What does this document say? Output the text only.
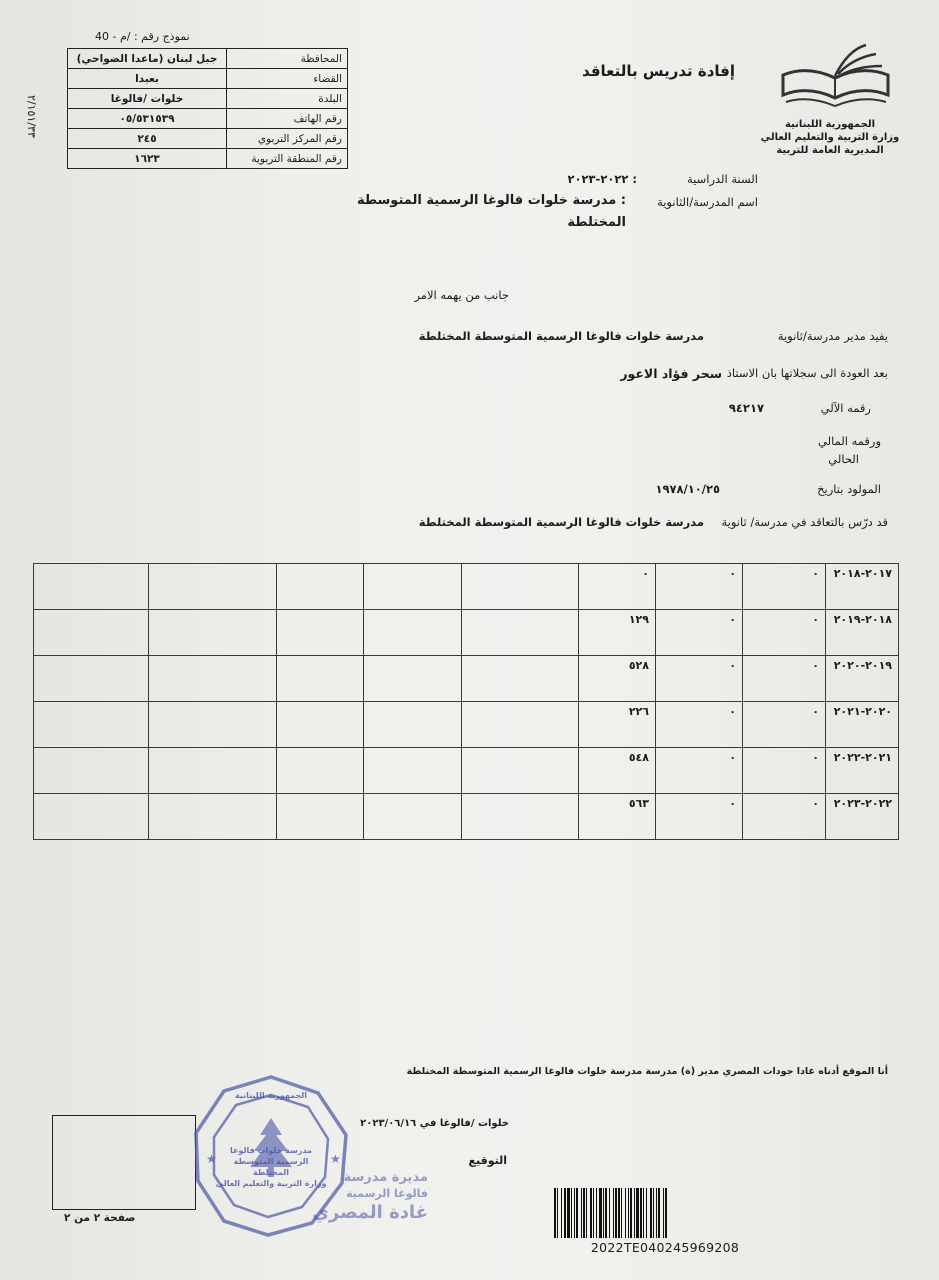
الجمهورية اللبنانية
وزارة التربية والتعليم العالي
المديرية العامة للتربية
إفادة تدريس بالتعاقد
نموذج رقم : /م - 40
٢/١٥١/٣٣
جبل لبنان (ماعدا الضواحي)	المحافظة
بعبدا	القضاء
خلوات /فالوغا	البلدة
٠٥/٥٣١٥٣٩	رقم الهاتف
٢٤٥	رقم المركز التربوي
١٦٢٣	رقم المنطقة التربوية
السنة الدراسية
: ٢٠٢٢-٢٠٢٣
اسم المدرسة/الثانوية
: مدرسة خلوات فالوغا الرسمية المتوسطة
المختلطة
جانب من يهمه الامر
يفيد مدير مدرسة/ثانوية
مدرسة خلوات فالوغا الرسمية المتوسطة المختلطة
بعد العودة الى سجلاتها بان الاستاذ
سحر فؤاد الاعور
رقمه الآلي
٩٤٢١٧
ورقمه المالي
الحالي
المولود بتاريخ
١٩٧٨/١٠/٢٥
قد درّس بالتعاقد في مدرسة/ ثانوية
مدرسة خلوات فالوغا الرسمية المتوسطة المختلطة
					٠	٠	٠	٢٠١٧-٢٠١٨
					١٢٩	٠	٠	٢٠١٨-٢٠١٩
					٥٢٨	٠	٠	٢٠١٩-٢٠٢٠
					٢٢٦	٠	٠	٢٠٢٠-٢٠٢١
					٥٤٨	٠	٠	٢٠٢١-٢٠٢٢
					٥٦٣	٠	٠	٢٠٢٢-٢٠٢٣
أنا الموقع أدناه غادا جودات المصري مدير (ة) مدرسة مدرسة خلوات فالوغا الرسمية المتوسطة المختلطة
خلوات /فالوغا في ٢٠٢٣/٠٦/١٦
التوقيع
★	★
الجمهورية اللبنانية
مدرسة خلوات فالوغا
الرسمية المتوسطة
المختلطة
وزارة التربية والتعليم العالي	مديرة مدرسة
فالوغا الرسمية
غادة المصري
صفحة ٢ من ٢
2022TE040245969208
